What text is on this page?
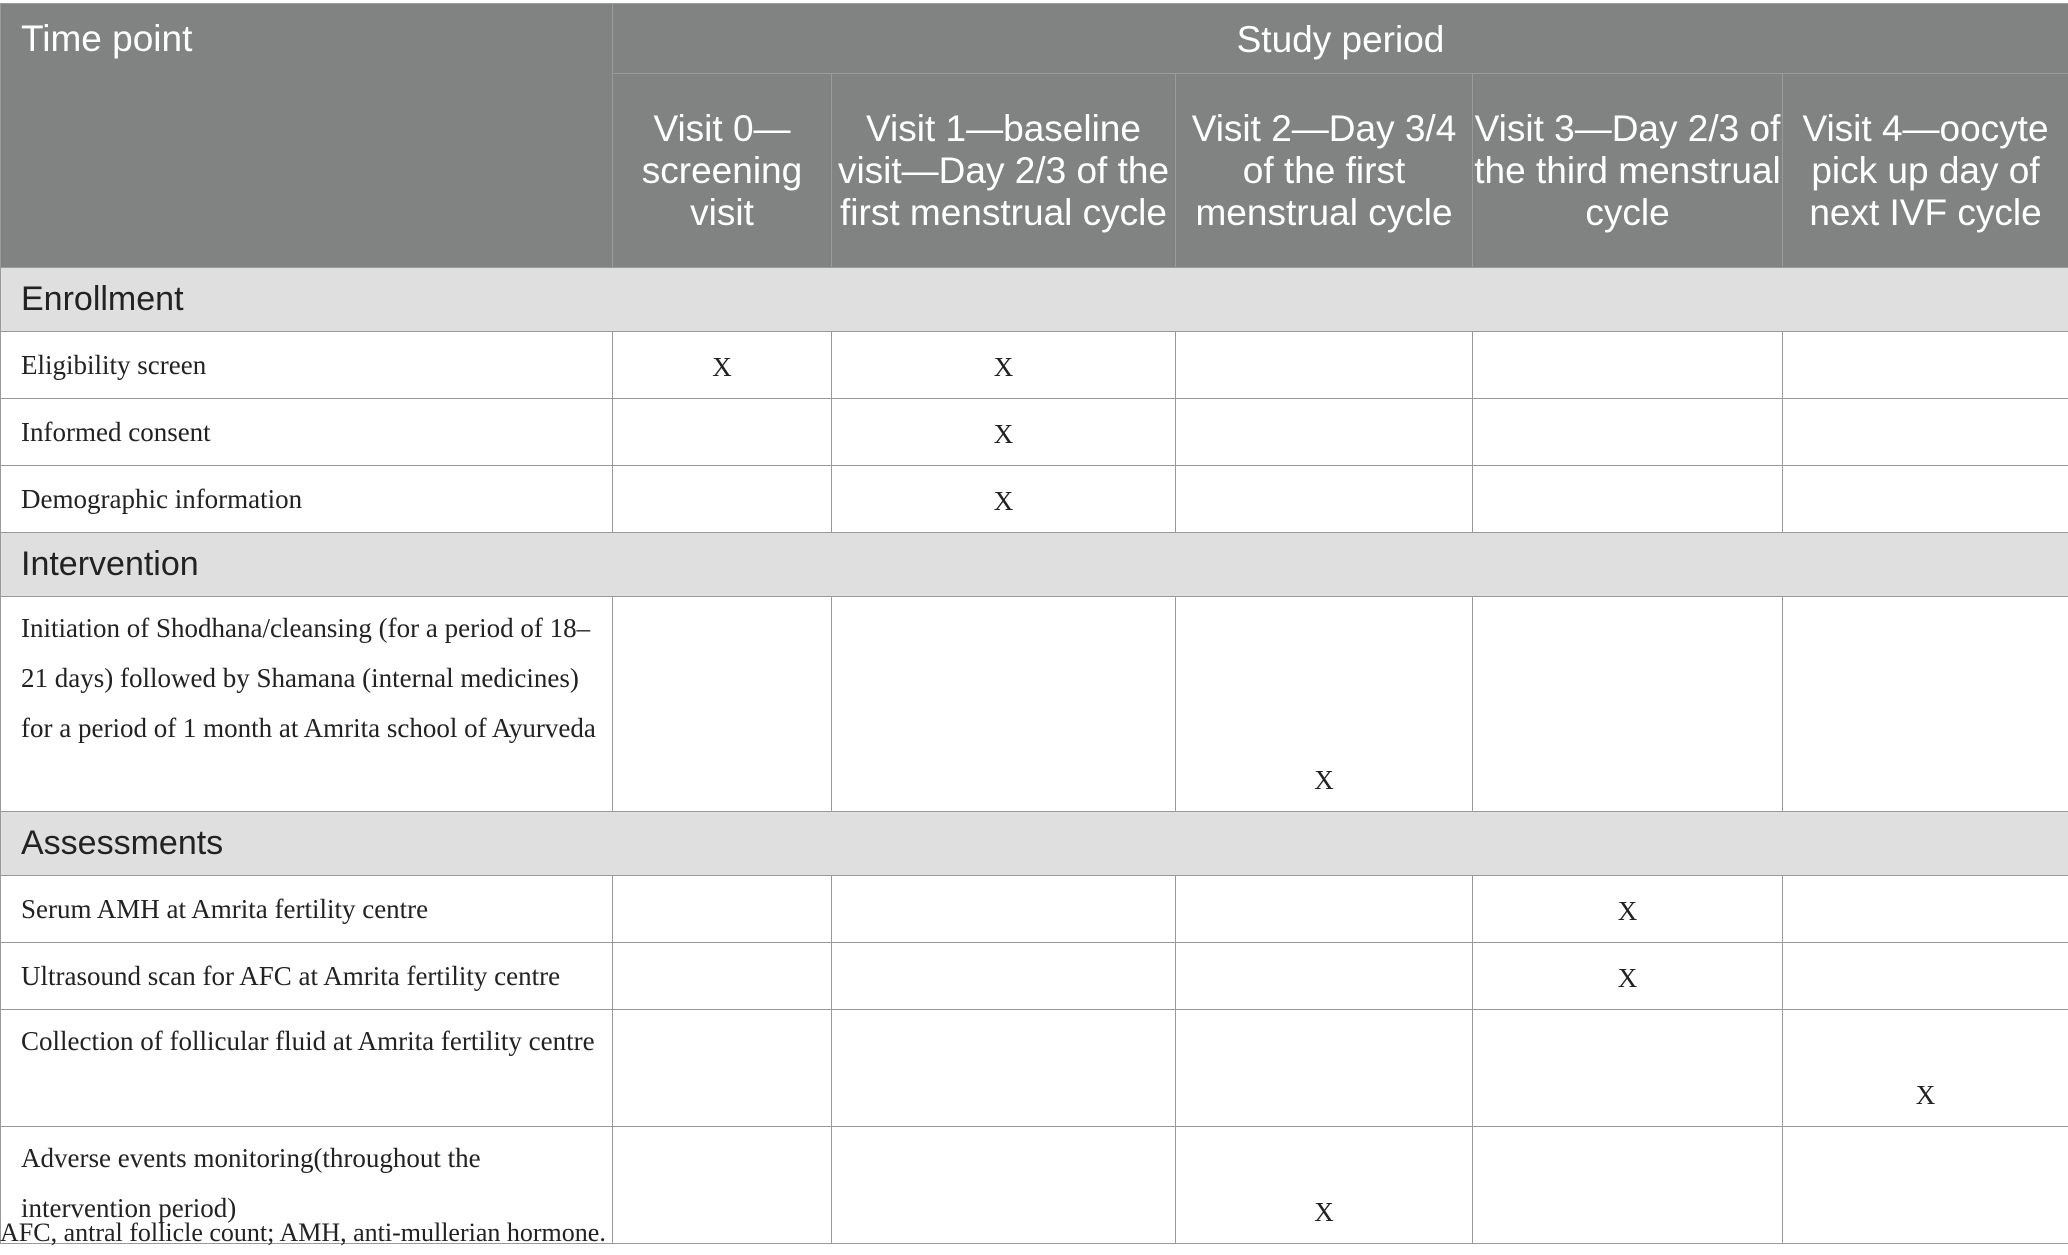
Time point	Study period				
	Visit 0—screening visit	Visit 1—baseline visit—Day 2/3 of the first menstrual cycle	Visit 2—Day 3/4 of the first menstrual cycle	Visit 3—Day 2/3 of the third menstrual cycle	Visit 4—oocyte pick up day of next IVF cycle
Enrollment					
Eligibility screen	X	X			
Informed consent		X			
Demographic information		X			
Intervention					
Initiation of Shodhana/cleansing (for a period of 18–21 days) followed by Shamana (internal medicines) for a period of 1 month at Amrita school of Ayurveda			X		
Assessments					
Serum AMH at Amrita fertility centre				X	
Ultrasound scan for AFC at Amrita fertility centre				X	
Collection of follicular fluid at Amrita fertility centre					X
Adverse events monitoring(throughout the intervention period)			X		
AFC, antral follicle count; AMH, anti-mullerian hormone.
